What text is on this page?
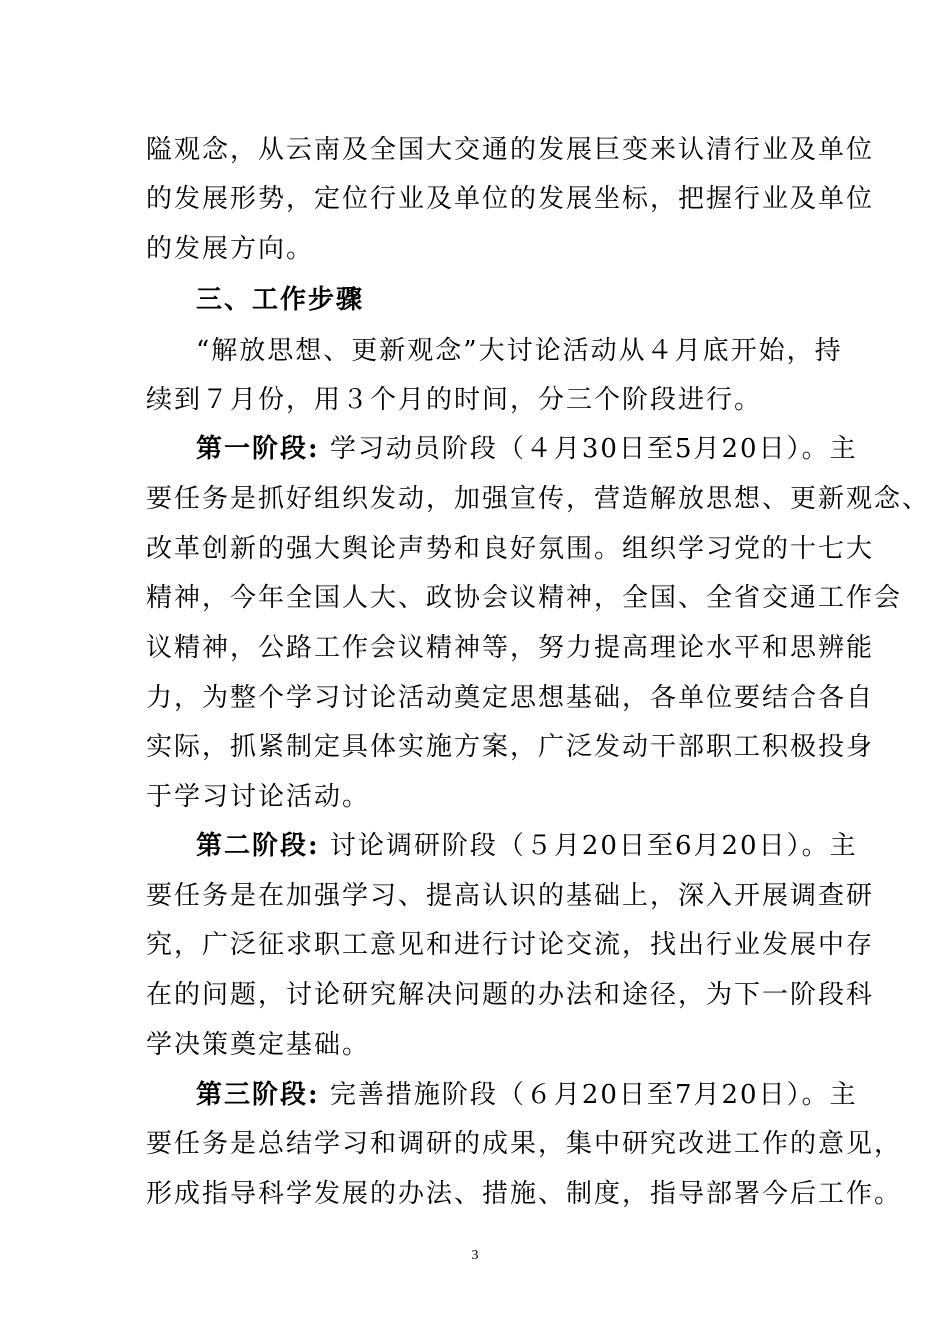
隘观念，从云南及全国大交通的发展巨变来认清行业及单位
的发展形势，定位行业及单位的发展坐标，把握行业及单位
的发展方向。
三、工作步骤
“解放思想、更新观念”大讨论活动从４月底开始，持
续到７月份，用３个月的时间，分三个阶段进行。
第一阶段: 学习动员阶段（４月30日至5月20日）。主
要任务是抓好组织发动，加强宣传，营造解放思想、更新观念、
改革创新的强大舆论声势和良好氛围。组织学习党的十七大
精神，今年全国人大、政协会议精神，全国、全省交通工作会
议精神，公路工作会议精神等，努力提高理论水平和思辨能
力，为整个学习讨论活动奠定思想基础，各单位要结合各自
实际，抓紧制定具体实施方案，广泛发动干部职工积极投身
于学习讨论活动。
第二阶段: 讨论调研阶段（５月20日至6月20日）。主
要任务是在加强学习、提高认识的基础上，深入开展调查研
究，广泛征求职工意见和进行讨论交流，找出行业发展中存
在的问题，讨论研究解决问题的办法和途径，为下一阶段科
学决策奠定基础。
第三阶段: 完善措施阶段（６月20日至7月20日）。主
要任务是总结学习和调研的成果，集中研究改进工作的意见，
形成指导科学发展的办法、措施、制度，指导部署今后工作。
3
